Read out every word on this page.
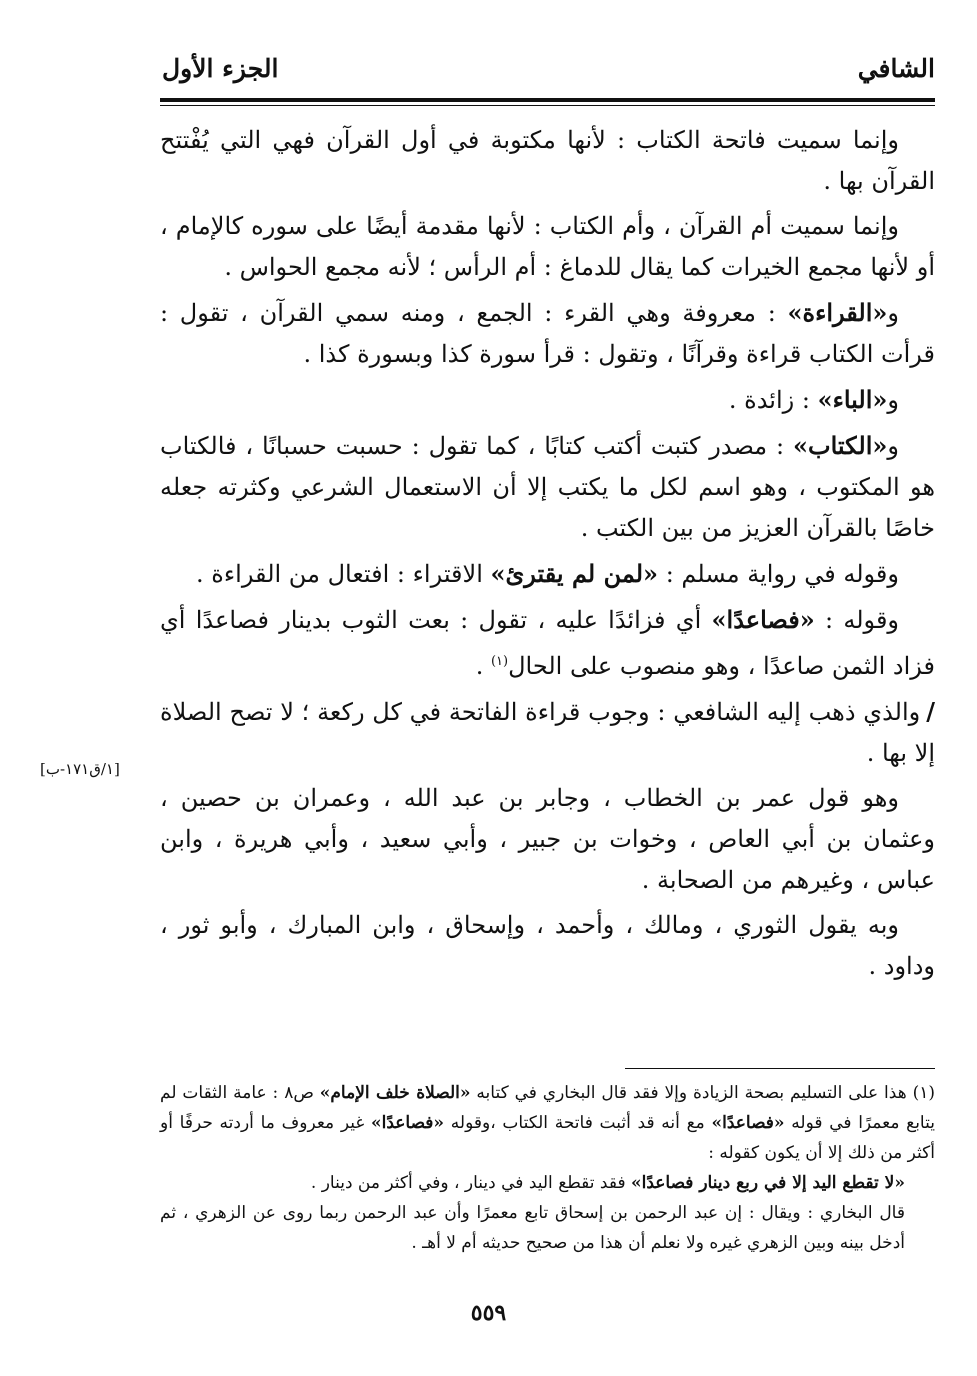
الشافي
الجزء الأول
[١/ق١٧١-ب]

وإنما سميت فاتحة الكتاب : لأنها مكتوبة في أول القرآن فهي التي يُفْتتح القرآن بها .

وإنما سميت أم القرآن ، وأم الكتاب : لأنها مقدمة أيضًا على سوره كالإمام ، أو لأنها مجمع الخيرات كما يقال للدماغ : أم الرأس ؛ لأنه مجمع الحواس .

و«القراءة» : معروفة وهي القرء : الجمع ، ومنه سمي القرآن ، تقول : قرأت الكتاب قراءة وقرآنًا ، وتقول : قرأ سورة كذا وبسورة كذا .

و«الباء» : زائدة .

و«الكتاب» : مصدر كتبت أكتب كتابًا ، كما تقول : حسبت حسبانًا ، فالكتاب هو المكتوب ، وهو اسم لكل ما يكتب إلا أن الاستعمال الشرعي وكثرته جعله خاصًا بالقرآن العزيز من بين الكتب .

وقوله في رواية مسلم : «لمن لم يقترئ» الاقتراء : افتعال من القراءة .

وقوله : «فصاعدًا» أي فزائدًا عليه ، تقول : بعت الثوب بدينار فصاعدًا أي فزاد الثمن صاعدًا ، وهو منصوب على الحال$^{(١)}$ .

/والذي ذهب إليه الشافعي : وجوب قراءة الفاتحة في كل ركعة ؛ لا تصح الصلاة إلا بها .

وهو قول عمر بن الخطاب ، وجابر بن عبد الله ، وعمران بن حصين ، وعثمان بن أبي العاص ، وخوات بن جبير ، وأبي سعيد ، وأبي هريرة ، وابن عباس ، وغيرهم من الصحابة .

وبه يقول الثوري ، ومالك ، وأحمد ، وإسحاق ، وابن المبارك ، وأبو ثور ، وداود .

(١) هذا على التسليم بصحة الزيادة وإلا فقد قال البخاري في كتابه «الصلاة خلف الإمام» ص٨ : عامة الثقات لم يتابع معمرًا في قوله «فصاعدًا» مع أنه قد أثبت فاتحة الكتاب ،وقوله «فصاعدًا» غير معروف ما أردته حرفًا أو أكثر من ذلك إلا أن يكون كقوله :

«لا تقطع اليد إلا في ربع دينار فصاعدًا» فقد تقطع اليد في دينار ، وفي أكثر من دينار .

قال البخاري : ويقال : إن عبد الرحمن بن إسحاق تابع معمرًا وأن عبد الرحمن ربما روى عن الزهري ، ثم أدخل بينه وبين الزهري غيره ولا نعلم أن هذا من صحيح حديثه أم لا أهـ .

٥٥٩
